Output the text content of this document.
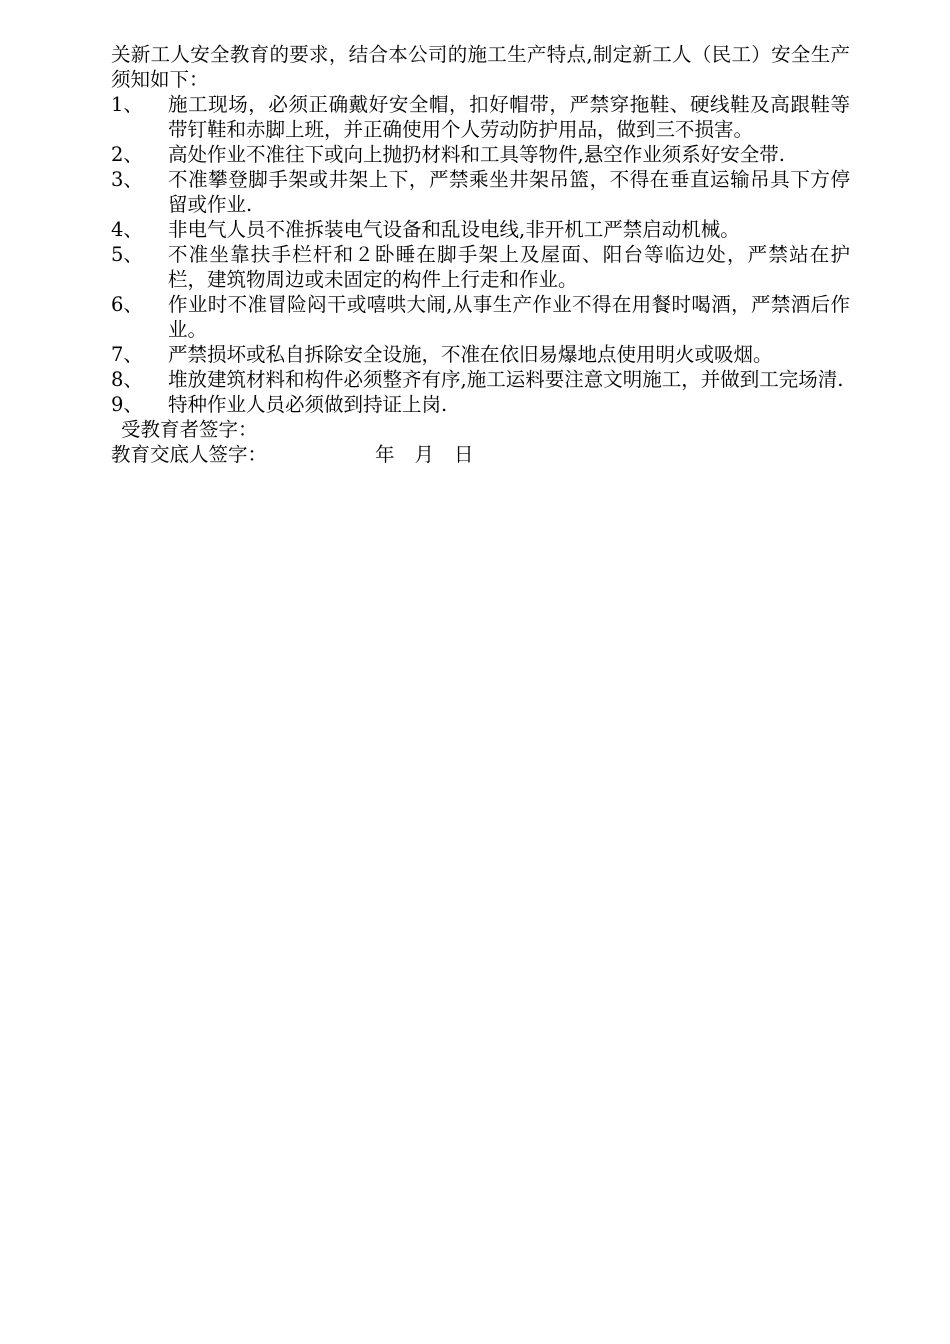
关新工人安全教育的要求，结合本公司的施工生产特点,制定新工人（民工）安全生产须知如下：

1、	施工现场，必须正确戴好安全帽，扣好帽带，严禁穿拖鞋、硬线鞋及高跟鞋等带钉鞋和赤脚上班，并正确使用个人劳动防护用品，做到三不损害。
2、	高处作业不准往下或向上抛扔材料和工具等物件,悬空作业须系好安全带.
3、	不准攀登脚手架或井架上下，严禁乘坐井架吊篮，不得在垂直运输吊具下方停留或作业.
4、	非电气人员不准拆装电气设备和乱设电线,非开机工严禁启动机械。
5、	不准坐靠扶手栏杆和２卧睡在脚手架上及屋面、阳台等临边处，严禁站在护栏，建筑物周边或未固定的构件上行走和作业。
6、	作业时不准冒险闷干或嘻哄大闹,从事生产作业不得在用餐时喝酒，严禁酒后作业。
7、	严禁损坏或私自拆除安全设施，不准在依旧易爆地点使用明火或吸烟。
8、	堆放建筑材料和构件必须整齐有序,施工运料要注意文明施工，并做到工完场清.
9、	特种作业人员必须做到持证上岗.

受教育者签字：

教育交底人签字：	年 月 日
